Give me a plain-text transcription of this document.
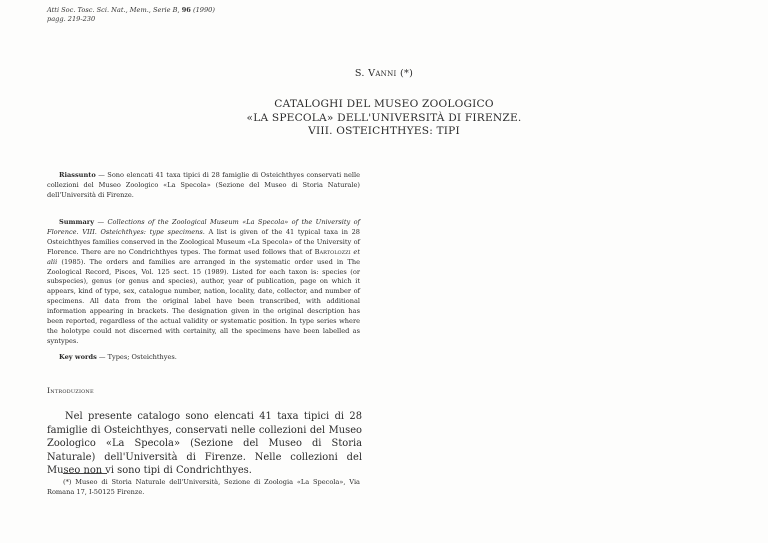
Atti Soc. Tosc. Sci. Nat., Mem., Serie B, 96 (1990)
pagg. 219-230
S. Vanni (*)
CATALOGHI DEL MUSEO ZOOLOGICO
«LA SPECOLA» DELL'UNIVERSITÀ DI FIRENZE.
VIII. OSTEICHTHYES: TIPI
Riassunto — Sono elencati 41 taxa tipici di 28 famiglie di Osteichthyes conservati nelle collezioni del Museo Zoologico «La Specola» (Sezione del Museo di Storia Naturale) dell'Università di Firenze.
Summary — Collections of the Zoological Museum «La Specola» of the University of Florence. VIII. Osteichthyes: type specimens. A list is given of the 41 typical taxa in 28 Osteichthyes families conserved in the Zoological Museum «La Specola» of the University of Florence. There are no Condrichthyes types. The format used follows that of Bartolozzi et alii (1985). The orders and families are arranged in the systematic order used in The Zoological Record, Pisces, Vol. 125 sect. 15 (1989). Listed for each taxon is: species (or subspecies), genus (or genus and species), author, year of publication, page on which it appears, kind of type, sex, catalogue number, nation, locality, date, collector, and number of specimens. All data from the original label have been transcribed, with additional information appearing in brackets. The designation given in the original description has been reported, regardless of the actual validity or systematic position. In type series where the holotype could not discerned with certainity, all the specimens have been labelled as syntypes.
Key words — Types; Osteichthyes.
Introduzione
Nel presente catalogo sono elencati 41 taxa tipici di 28 famiglie di Osteichthyes, conservati nelle collezioni del Museo Zoologico «La Specola» (Sezione del Museo di Storia Naturale) dell'Università di Firenze. Nelle collezioni del Museo non vi sono tipi di Condrichthyes.
(*) Museo di Storia Naturale dell'Università, Sezione di Zoologia «La Specola», Via Romana 17, I-50125 Firenze.
